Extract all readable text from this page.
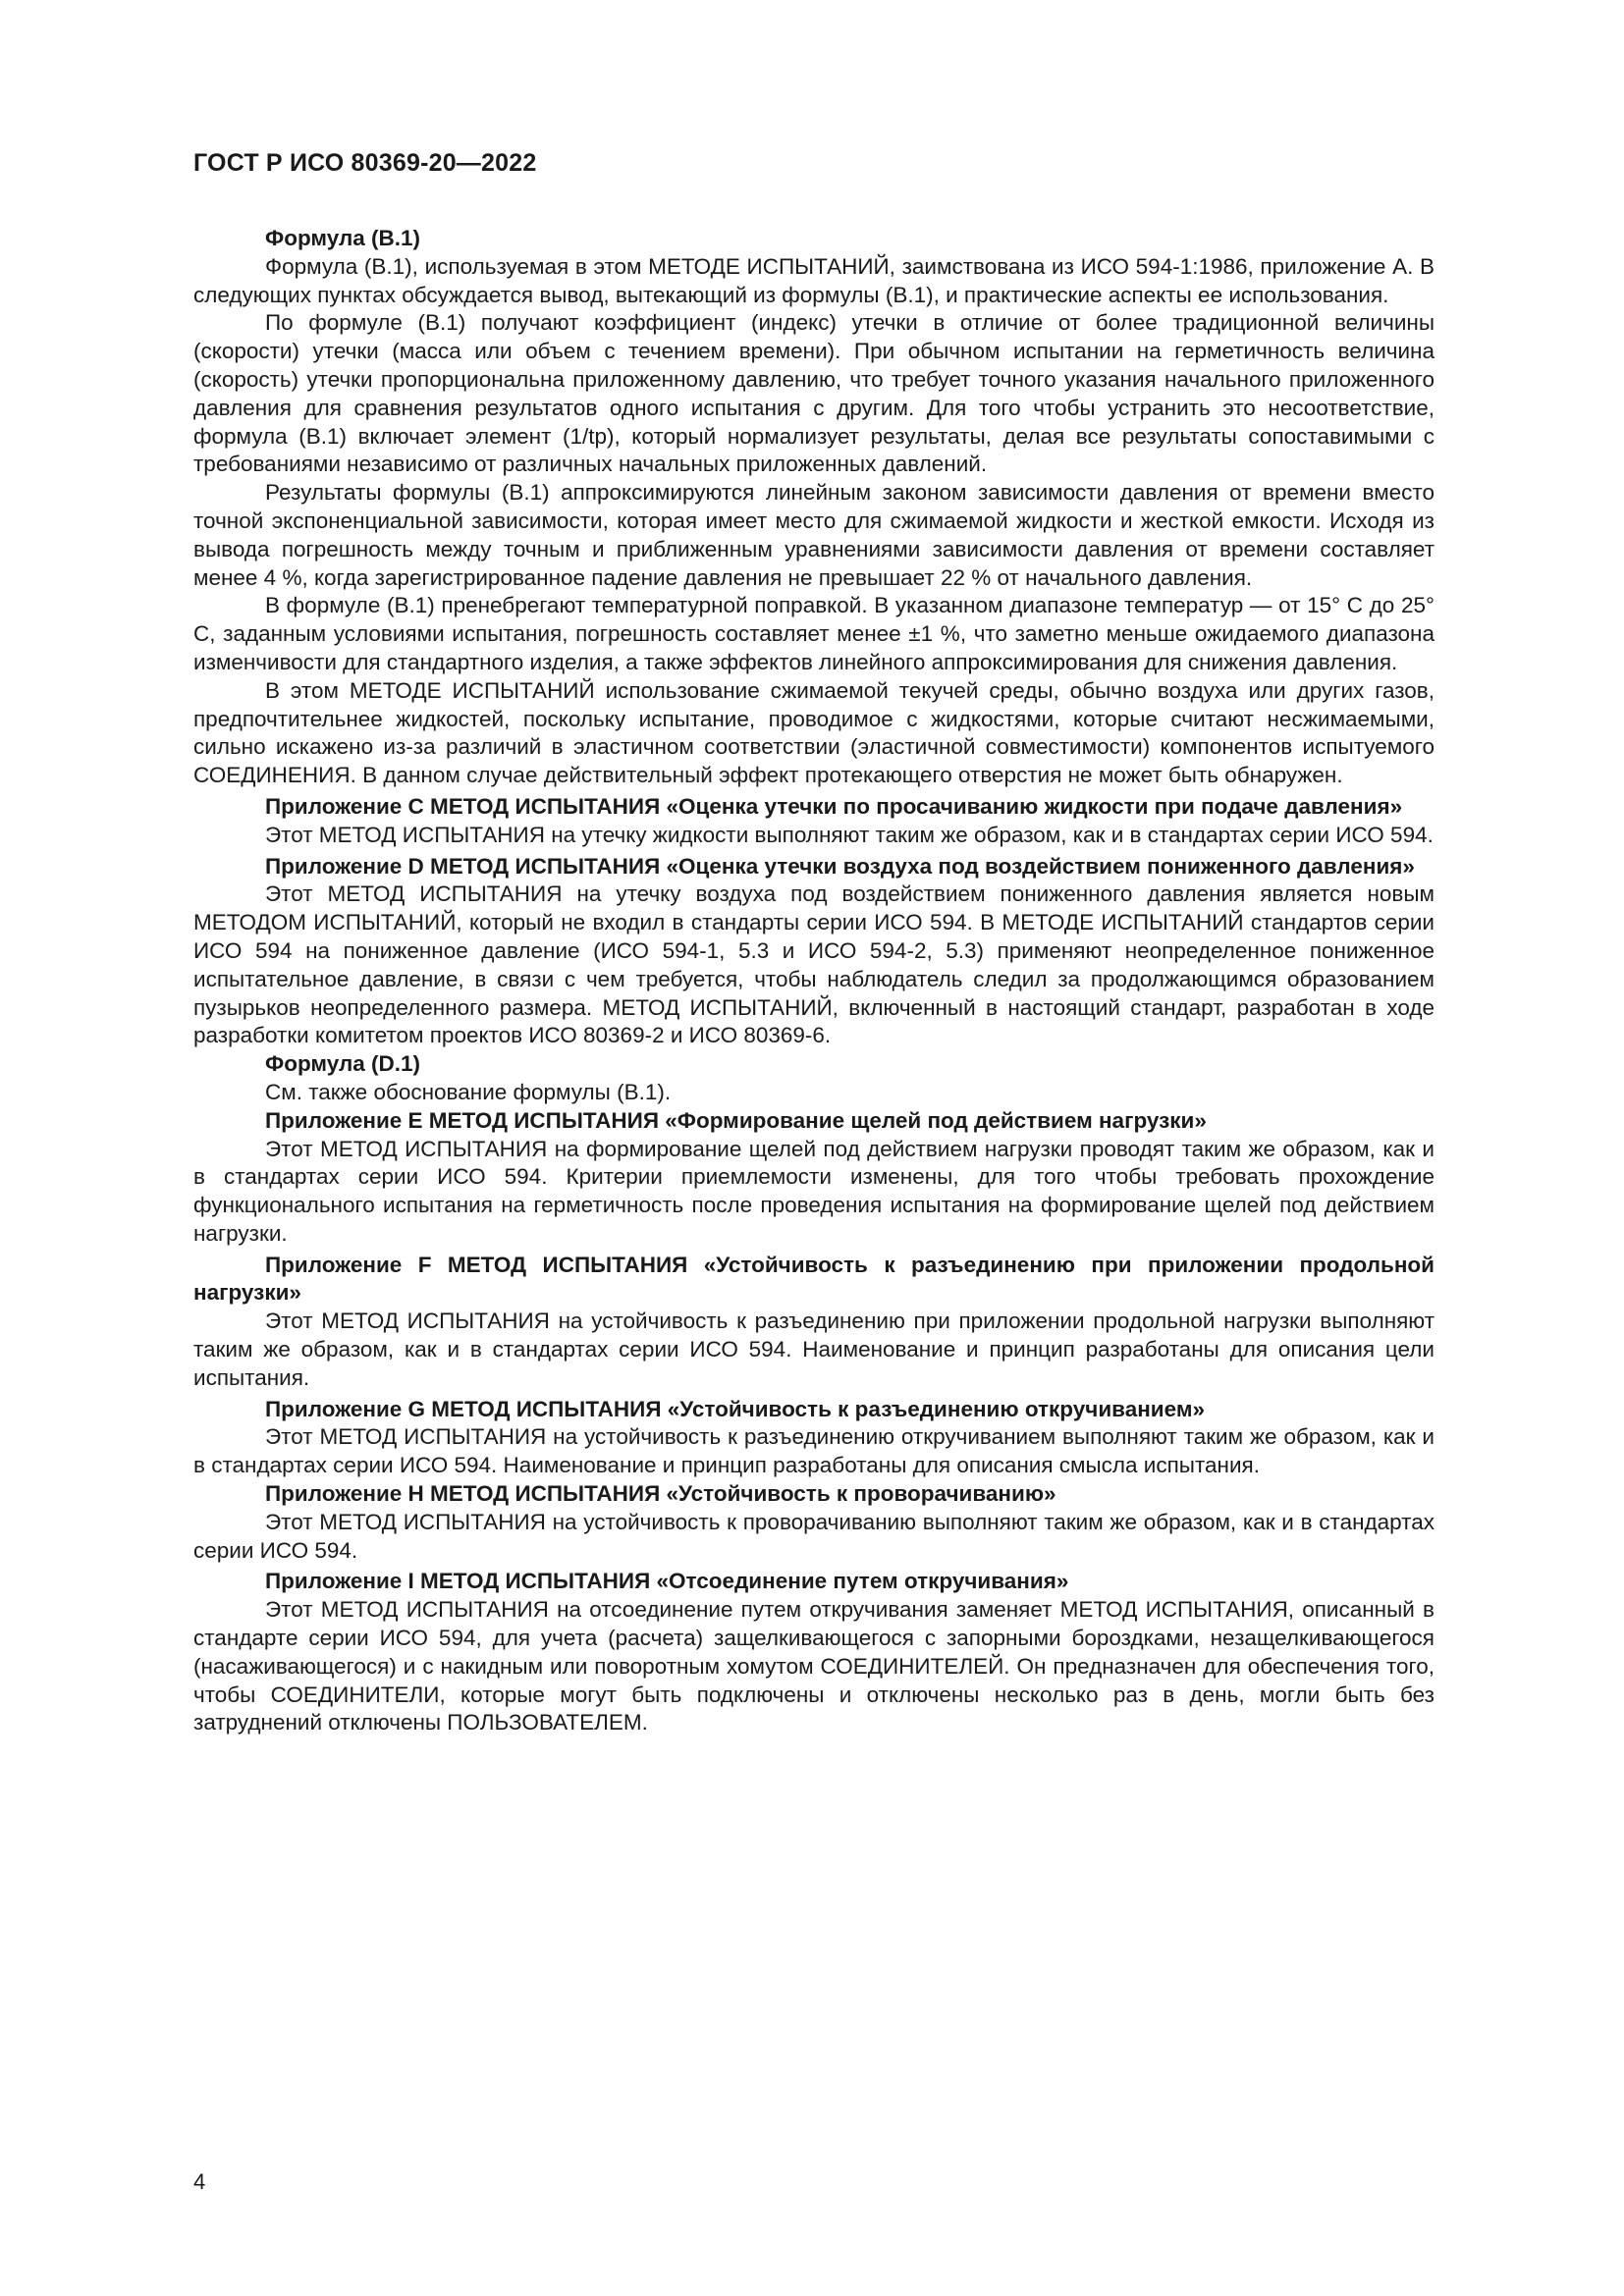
ГОСТ Р ИСО 80369-20—2022

Формула (В.1)

Формула (В.1), используемая в этом МЕТОДЕ ИСПЫТАНИЙ, заимствована из ИСО 594-1:1986, приложение А. В следующих пунктах обсуждается вывод, вытекающий из формулы (В.1), и практические аспекты ее использования.

По формуле (В.1) получают коэффициент (индекс) утечки в отличие от более традиционной величины (скорости) утечки (масса или объем с течением времени). При обычном испытании на герметичность величина (скорость) утечки пропорциональна приложенному давлению, что требует точного указания начального приложенного давления для сравнения результатов одного испытания с другим. Для того чтобы устранить это несоответствие, формула (В.1) включает элемент (1/tp), который нормализует результаты, делая все результаты сопоставимыми с требованиями независимо от различных начальных приложенных давлений.

Результаты формулы (В.1) аппроксимируются линейным законом зависимости давления от времени вместо точной экспоненциальной зависимости, которая имеет место для сжимаемой жидкости и жесткой емкости. Исходя из вывода погрешность между точным и приближенным уравнениями зависимости давления от времени составляет менее 4 %, когда зарегистрированное падение давления не превышает 22 % от начального давления.

В формуле (В.1) пренебрегают температурной поправкой. В указанном диапазоне температур — от 15° С до 25° С, заданным условиями испытания, погрешность составляет менее ±1 %, что заметно меньше ожидаемого диапазона изменчивости для стандартного изделия, а также эффектов линейного аппроксимирования для снижения давления.

В этом МЕТОДЕ ИСПЫТАНИЙ использование сжимаемой текучей среды, обычно воздуха или других газов, предпочтительнее жидкостей, поскольку испытание, проводимое с жидкостями, которые считают несжимаемыми, сильно искажено из-за различий в эластичном соответствии (эластичной совместимости) компонентов испытуемого СОЕДИНЕНИЯ. В данном случае действительный эффект протекающего отверстия не может быть обнаружен.

Приложение С МЕТОД ИСПЫТАНИЯ «Оценка утечки по просачиванию жидкости при подаче давления»

Этот МЕТОД ИСПЫТАНИЯ на утечку жидкости выполняют таким же образом, как и в стандартах серии ИСО 594.

Приложение D МЕТОД ИСПЫТАНИЯ «Оценка утечки воздуха под воздействием пониженного давления»

Этот МЕТОД ИСПЫТАНИЯ на утечку воздуха под воздействием пониженного давления является новым МЕТОДОМ ИСПЫТАНИЙ, который не входил в стандарты серии ИСО 594. В МЕТОДЕ ИСПЫТАНИЙ стандартов серии ИСО 594 на пониженное давление (ИСО 594-1, 5.3 и ИСО 594-2, 5.3) применяют неопределенное пониженное испытательное давление, в связи с чем требуется, чтобы наблюдатель следил за продолжающимся образованием пузырьков неопределенного размера. МЕТОД ИСПЫТАНИЙ, включенный в настоящий стандарт, разработан в ходе разработки комитетом проектов ИСО 80369-2 и ИСО 80369-6.

Формула (D.1)

См. также обоснование формулы (В.1).

Приложение Е МЕТОД ИСПЫТАНИЯ «Формирование щелей под действием нагрузки»

Этот МЕТОД ИСПЫТАНИЯ на формирование щелей под действием нагрузки проводят таким же образом, как и в стандартах серии ИСО 594. Критерии приемлемости изменены, для того чтобы требовать прохождение функционального испытания на герметичность после проведения испытания на формирование щелей под действием нагрузки.

Приложение F МЕТОД ИСПЫТАНИЯ «Устойчивость к разъединению при приложении продольной нагрузки»

Этот МЕТОД ИСПЫТАНИЯ на устойчивость к разъединению при приложении продольной нагрузки выполняют таким же образом, как и в стандартах серии ИСО 594. Наименование и принцип разработаны для описания цели испытания.

Приложение G МЕТОД ИСПЫТАНИЯ «Устойчивость к разъединению откручиванием»

Этот МЕТОД ИСПЫТАНИЯ на устойчивость к разъединению откручиванием выполняют таким же образом, как и в стандартах серии ИСО 594. Наименование и принцип разработаны для описания смысла испытания.

Приложение Н МЕТОД ИСПЫТАНИЯ «Устойчивость к проворачиванию»

Этот МЕТОД ИСПЫТАНИЯ на устойчивость к проворачиванию выполняют таким же образом, как и в стандартах серии ИСО 594.

Приложение I МЕТОД ИСПЫТАНИЯ «Отсоединение путем откручивания»

Этот МЕТОД ИСПЫТАНИЯ на отсоединение путем откручивания заменяет МЕТОД ИСПЫТАНИЯ, описанный в стандарте серии ИСО 594, для учета (расчета) защелкивающегося с запорными бороздками, незащелкивающегося (насаживающегося) и с накидным или поворотным хомутом СОЕДИНИТЕЛЕЙ. Он предназначен для обеспечения того, чтобы СОЕДИНИТЕЛИ, которые могут быть подключены и отключены несколько раз в день, могли быть без затруднений отключены ПОЛЬЗОВАТЕЛЕМ.

4
